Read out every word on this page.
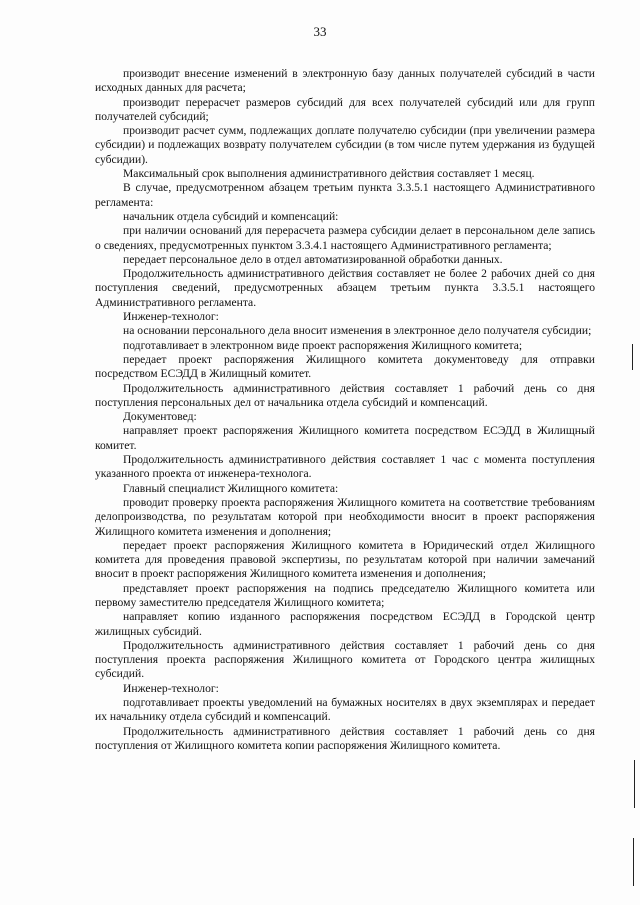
33

производит внесение изменений в электронную базу данных получателей субсидий в части исходных данных для расчета;

производит перерасчет размеров субсидий для всех получателей субсидий или для групп получателей субсидий;

производит расчет сумм, подлежащих доплате получателю субсидии (при увеличении размера субсидии) и подлежащих возврату получателем субсидии (в том числе путем удержания из будущей субсидии).

Максимальный срок выполнения административного действия составляет 1 месяц.

В случае, предусмотренном абзацем третьим пункта 3.3.5.1 настоящего Административного регламента:

начальник отдела субсидий и компенсаций:

при наличии оснований для перерасчета размера субсидии делает в персональном деле запись о сведениях, предусмотренных пунктом 3.3.4.1 настоящего Административного регламента;

передает персональное дело в отдел автоматизированной обработки данных.

Продолжительность административного действия составляет не более 2 рабочих дней со дня поступления сведений, предусмотренных абзацем третьим пункта 3.3.5.1 настоящего Административного регламента.

Инженер-технолог:

на основании персонального дела вносит изменения в электронное дело получателя субсидии;

подготавливает в электронном виде проект распоряжения Жилищного комитета;

передает проект распоряжения Жилищного комитета документоведу для отправки посредством ЕСЭДД в Жилищный комитет.

Продолжительность административного действия составляет 1 рабочий день со дня поступления персональных дел от начальника отдела субсидий и компенсаций.

Документовед:

направляет проект распоряжения Жилищного комитета посредством ЕСЭДД в Жилищный комитет.

Продолжительность административного действия составляет 1 час с момента поступления указанного проекта от инженера-технолога.

Главный специалист Жилищного комитета:

проводит проверку проекта распоряжения Жилищного комитета на соответствие требованиям делопроизводства, по результатам которой при необходимости вносит в проект распоряжения Жилищного комитета изменения и дополнения;

передает проект распоряжения Жилищного комитета в Юридический отдел Жилищного комитета для проведения правовой экспертизы, по результатам которой при наличии замечаний вносит в проект распоряжения Жилищного комитета изменения и дополнения;

представляет проект распоряжения на подпись председателю Жилищного комитета или первому заместителю председателя Жилищного комитета;

направляет копию изданного распоряжения посредством ЕСЭДД в Городской центр жилищных субсидий.

Продолжительность административного действия составляет 1 рабочий день со дня поступления проекта распоряжения Жилищного комитета от Городского центра жилищных субсидий.

Инженер-технолог:

подготавливает проекты уведомлений на бумажных носителях в двух экземплярах и передает их начальнику отдела субсидий и компенсаций.

Продолжительность административного действия составляет 1 рабочий день со дня поступления от Жилищного комитета копии распоряжения Жилищного комитета.
